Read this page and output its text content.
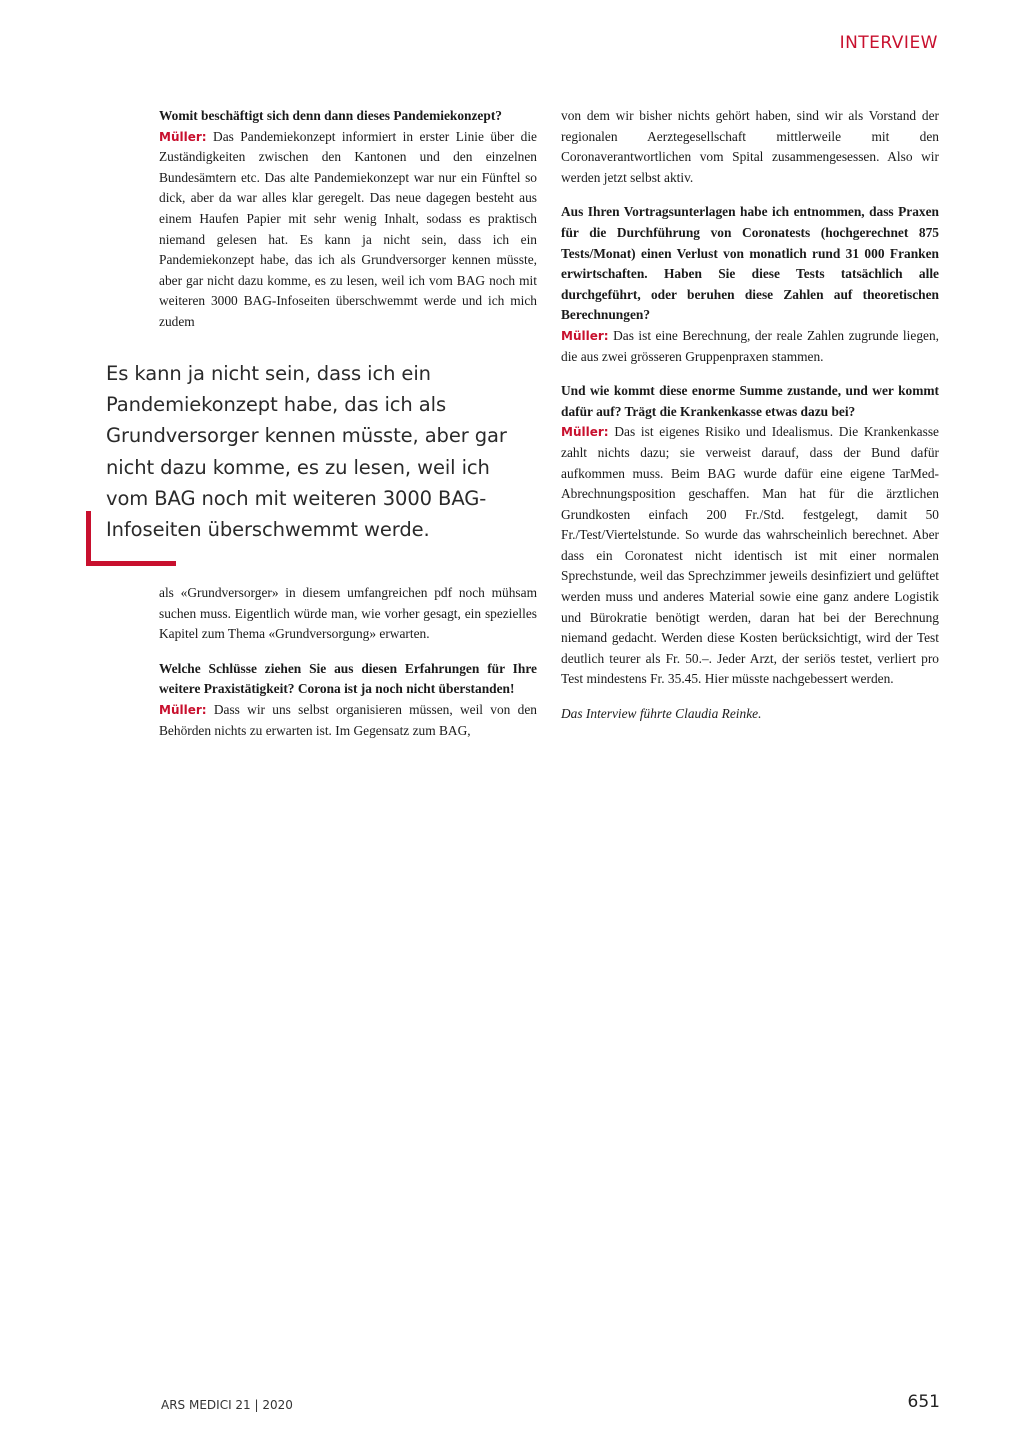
INTERVIEW

Womit beschäftigt sich denn dann dieses Pandemiekonzept?
Müller: Das Pandemiekonzept informiert in erster Linie über die Zuständigkeiten zwischen den Kantonen und den einzelnen Bundesämtern etc. Das alte Pandemiekonzept war nur ein Fünftel so dick, aber da war alles klar geregelt. Das neue dagegen besteht aus einem Haufen Papier mit sehr wenig Inhalt, sodass es praktisch niemand gelesen hat. Es kann ja nicht sein, dass ich ein Pandemiekonzept habe, das ich als Grundversorger kennen müsste, aber gar nicht dazu komme, es zu lesen, weil ich vom BAG noch mit weiteren 3000 BAG-Infoseiten überschwemmt werde und ich mich zudem

Es kann ja nicht sein, dass ich ein Pandemiekonzept habe, das ich als Grundversorger kennen müsste, aber gar nicht dazu komme, es zu lesen, weil ich vom BAG noch mit weiteren 3000 BAG-Infoseiten überschwemmt werde.

als «Grundversorger» in diesem umfangreichen pdf noch mühsam suchen muss. Eigentlich würde man, wie vorher gesagt, ein spezielles Kapitel zum Thema «Grundversorgung» erwarten.

Welche Schlüsse ziehen Sie aus diesen Erfahrungen für Ihre weitere Praxistätigkeit? Corona ist ja noch nicht überstanden!
Müller: Dass wir uns selbst organisieren müssen, weil von den Behörden nichts zu erwarten ist. Im Gegensatz zum BAG,

von dem wir bisher nichts gehört haben, sind wir als Vorstand der regionalen Aerztegesellschaft mittlerweile mit den Coronaverantwortlichen vom Spital zusammengesessen. Also wir werden jetzt selbst aktiv.

Aus Ihren Vortragsunterlagen habe ich entnommen, dass Praxen für die Durchführung von Coronatests (hochgerechnet 875 Tests/Monat) einen Verlust von monatlich rund 31 000 Franken erwirtschaften. Haben Sie diese Tests tatsächlich alle durchgeführt, oder beruhen diese Zahlen auf theoretischen Berechnungen?
Müller: Das ist eine Berechnung, der reale Zahlen zugrunde liegen, die aus zwei grösseren Gruppenpraxen stammen.

Und wie kommt diese enorme Summe zustande, und wer kommt dafür auf? Trägt die Krankenkasse etwas dazu bei?
Müller: Das ist eigenes Risiko und Idealismus. Die Krankenkasse zahlt nichts dazu; sie verweist darauf, dass der Bund dafür aufkommen muss. Beim BAG wurde dafür eine eigene TarMed-Abrechnungsposition geschaffen. Man hat für die ärztlichen Grundkosten einfach 200 Fr./Std. festgelegt, damit 50 Fr./Test/Viertelstunde. So wurde das wahrscheinlich berechnet. Aber dass ein Coronatest nicht identisch ist mit einer normalen Sprechstunde, weil das Sprechzimmer jeweils desinfiziert und gelüftet werden muss und anderes Material sowie eine ganz andere Logistik und Bürokratie benötigt werden, daran hat bei der Berechnung niemand gedacht. Werden diese Kosten berücksichtigt, wird der Test deutlich teurer als Fr. 50.–. Jeder Arzt, der seriös testet, verliert pro Test mindestens Fr. 35.45. Hier müsste nachgebessert werden.

Das Interview führte Claudia Reinke.

ARS MEDICI 21 | 2020	651
